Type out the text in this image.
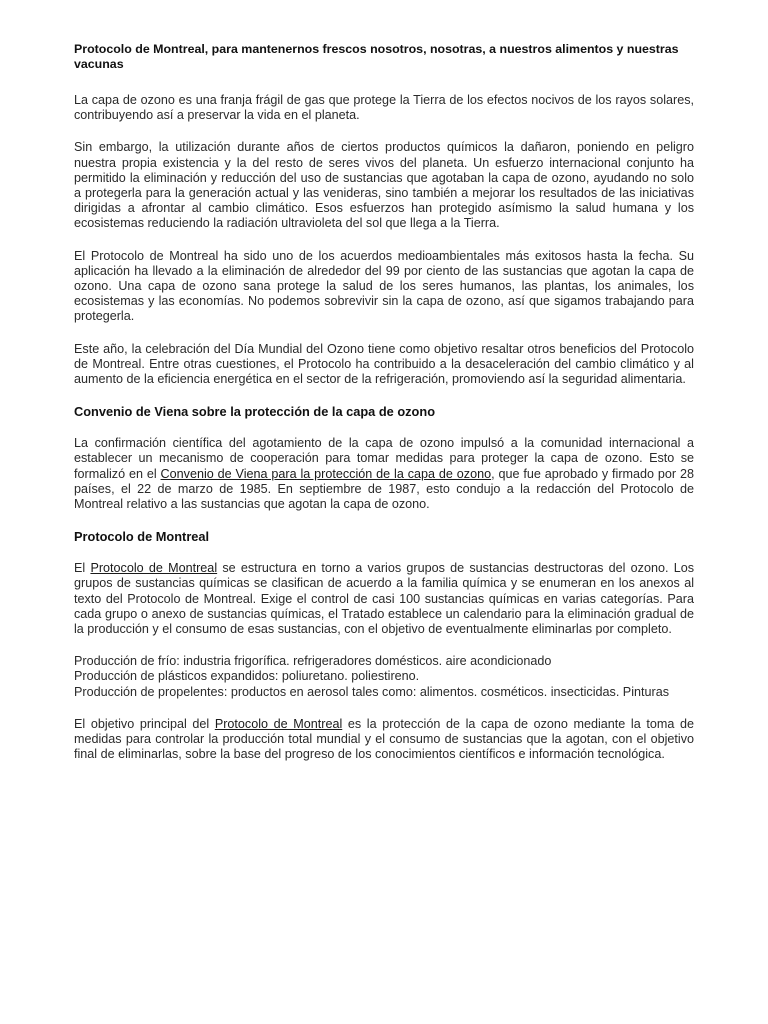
Protocolo de Montreal, para mantenernos frescos nosotros, nosotras, a nuestros alimentos y nuestras vacunas

La capa de ozono es una franja frágil de gas que protege la Tierra de los efectos nocivos de los rayos solares, contribuyendo así a preservar la vida en el planeta.

Sin embargo, la utilización durante años de ciertos productos químicos la dañaron, poniendo en peligro nuestra propia existencia y la del resto de seres vivos del planeta. Un esfuerzo internacional conjunto ha permitido la eliminación y reducción del uso de sustancias que agotaban la capa de ozono, ayudando no solo a protegerla para la generación actual y las venideras, sino también a mejorar los resultados de las iniciativas dirigidas a afrontar al cambio climático. Esos esfuerzos han protegido asímismo la salud humana y los ecosistemas reduciendo la radiación ultravioleta del sol que llega a la Tierra.

El Protocolo de Montreal ha sido uno de los acuerdos medioambientales más exitosos hasta la fecha. Su aplicación ha llevado a la eliminación de alrededor del 99 por ciento de las sustancias que agotan la capa de ozono. Una capa de ozono sana protege la salud de los seres humanos, las plantas, los animales, los ecosistemas y las economías. No podemos sobrevivir sin la capa de ozono, así que sigamos trabajando para protegerla.

Este año, la celebración del Día Mundial del Ozono tiene como objetivo resaltar otros beneficios del Protocolo de Montreal. Entre otras cuestiones, el Protocolo ha contribuido a la desaceleración del cambio climático y al aumento de la eficiencia energética en el sector de la refrigeración, promoviendo así la seguridad alimentaria.

Convenio de Viena sobre la protección de la capa de ozono

La confirmación científica del agotamiento de la capa de ozono impulsó a la comunidad internacional a establecer un mecanismo de cooperación para tomar medidas para proteger la capa de ozono. Esto se formalizó en el Convenio de Viena para la protección de la capa de ozono, que fue aprobado y firmado por 28 países, el 22 de marzo de 1985. En septiembre de 1987, esto condujo a la redacción del Protocolo de Montreal relativo a las sustancias que agotan la capa de ozono.

Protocolo de Montreal

El Protocolo de Montreal se estructura en torno a varios grupos de sustancias destructoras del ozono. Los grupos de sustancias químicas se clasifican de acuerdo a la familia química y se enumeran en los anexos al texto del Protocolo de Montreal. Exige el control de casi 100 sustancias químicas en varias categorías. Para cada grupo o anexo de sustancias químicas, el Tratado establece un calendario para la eliminación gradual de la producción y el consumo de esas sustancias, con el objetivo de eventualmente eliminarlas por completo.

Producción de frío: industria frigorífica. refrigeradores domésticos. aire acondicionado
Producción de plásticos expandidos: poliuretano. poliestireno.
Producción de propelentes: productos en aerosol tales como: alimentos. cosméticos. insecticidas. Pinturas

El objetivo principal del Protocolo de Montreal es la protección de la capa de ozono mediante la toma de medidas para controlar la producción total mundial y el consumo de sustancias que la agotan, con el objetivo final de eliminarlas, sobre la base del progreso de los conocimientos científicos e información tecnológica.
